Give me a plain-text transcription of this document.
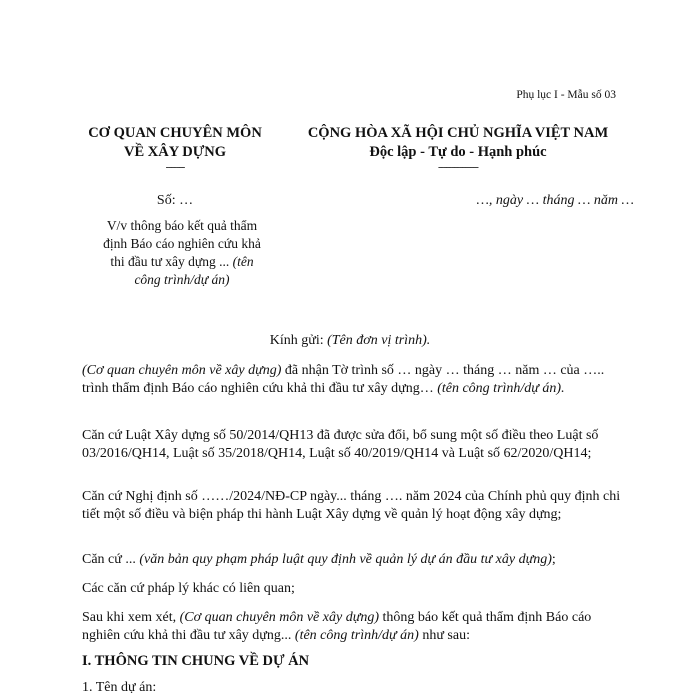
Phụ lục I - Mẫu số 03
CƠ QUAN CHUYÊN MÔN
VỀ XÂY DỰNG
-------
CỘNG HÒA XÃ HỘI CHỦ NGHĨA VIỆT NAM
Độc lập - Tự do - Hạnh phúc
---------------
Số: …	…, ngày … tháng … năm …
V/v thông báo kết quả thẩm
định Báo cáo nghiên cứu khả
thi đầu tư xây dựng ... (tên
công trình/dự án)
Kính gửi: (Tên đơn vị trình).

(Cơ quan chuyên môn về xây dựng) đã nhận Tờ trình số … ngày … tháng … năm … của ….. trình thẩm định Báo cáo nghiên cứu khả thi đầu tư xây dựng… (tên công trình/dự án).

Căn cứ Luật Xây dựng số 50/2014/QH13 đã được sửa đổi, bổ sung một số điều theo Luật số 03/2016/QH14, Luật số 35/2018/QH14, Luật số 40/2019/QH14 và Luật số 62/2020/QH14;

Căn cứ Nghị định số ……/2024/NĐ-CP ngày... tháng …. năm 2024 của Chính phủ quy định chi tiết một số điều và biện pháp thi hành Luật Xây dựng về quản lý hoạt động xây dựng;

Căn cứ ... (văn bản quy phạm pháp luật quy định về quản lý dự án đầu tư xây dựng);

Các căn cứ pháp lý khác có liên quan;

Sau khi xem xét, (Cơ quan chuyên môn về xây dựng) thông báo kết quả thẩm định Báo cáo nghiên cứu khả thi đầu tư xây dựng... (tên công trình/dự án) như sau:

I. THÔNG TIN CHUNG VỀ DỰ ÁN
1. Tên dự án:
